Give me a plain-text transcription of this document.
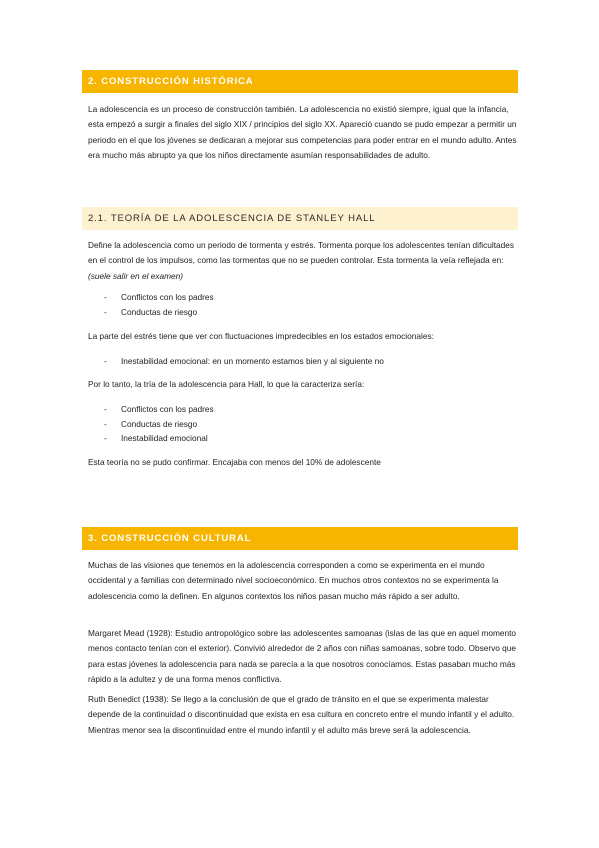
2. CONSTRUCCIÓN HISTÓRICA

La adolescencia es un proceso de construcción también. La adolescencia no existió siempre, igual que la infancia, esta empezó a surgir a finales del siglo XIX / principios del siglo XX. Apareció cuando se pudo empezar a permitir un periodo en el que los jóvenes se dedicaran a mejorar sus competencias para poder entrar en el mundo adulto. Antes era mucho más abrupto ya que los niños directamente asumían responsabilidades de adulto.

2.1. TEORÍA DE LA ADOLESCENCIA DE STANLEY HALL

Define la adolescencia como un periodo de tormenta y estrés. Tormenta porque los adolescentes tenían dificultades en el control de los impulsos, como las tormentas que no se pueden controlar. Esta tormenta la veía reflejada en: (suele salir en el examen)

- Conflictos con los padres
- Conductas de riesgo

La parte del estrés tiene que ver con fluctuaciones impredecibles en los estados emocionales:

- Inestabilidad emocional: en un momento estamos bien y al siguiente no

Por lo tanto, la tría de la adolescencia para Hall, lo que la caracteriza sería:

- Conflictos con los padres
- Conductas de riesgo
- Inestabilidad emocional

Esta teoría no se pudo confirmar. Encajaba con menos del 10% de adolescente

3. CONSTRUCCIÓN CULTURAL

Muchas de las visiones que tenemos en la adolescencia corresponden a como se experimenta en el mundo occidental y a familias con determinado nivel socioeconómico. En muchos otros contextos no se experimenta la adolescencia como la definen. En algunos contextos los niños pasan mucho más rápido a ser adulto.

Margaret Mead (1928): Estudio antropológico sobre las adolescentes samoanas (islas de las que en aquel momento menos contacto tenían con el exterior). Convivió alrededor de 2 años con niñas samoanas, sobre todo. Observo que para estas jóvenes la adolescencia para nada se parecía a la que nosotros conocíamos. Estas pasaban mucho más rápido a la adultez y de una forma menos conflictiva.

Ruth Benedict (1938): Se llego a la conclusión de que el grado de tránsito en el que se experimenta malestar depende de la continuidad o discontinuidad que exista en esa cultura en concreto entre el mundo infantil y el adulto. Mientras menor sea la discontinuidad entre el mundo infantil y el adulto más breve será la adolescencia.
